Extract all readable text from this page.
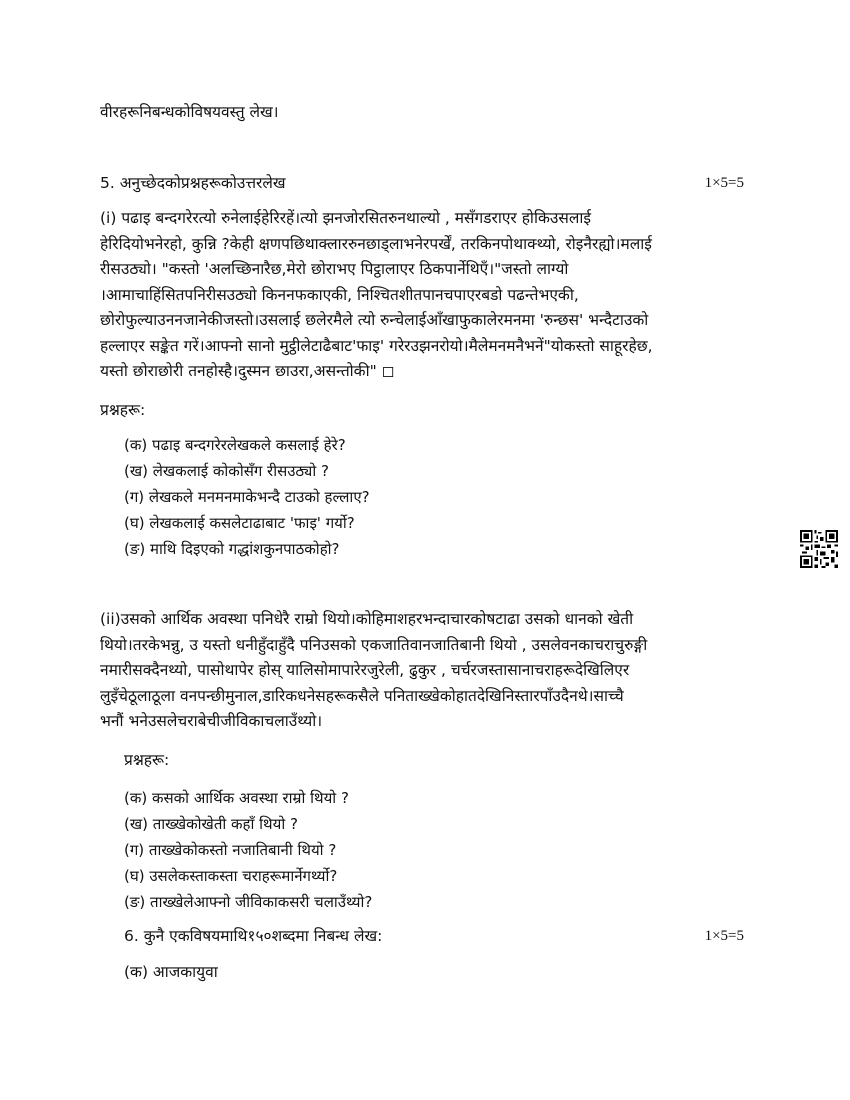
वीरहरूनिबन्धकोविषयवस्तु लेख।
5. अनुच्छेदकोप्रश्नहरूकोउत्तरलेख	1×5=5
(i) पढाइ बन्दगरेरत्यो रुनेलाईहेरिरहें।त्यो झनजोरसितरुनथाल्यो , मसँगडराएर होकिउसलाई
हेरिदियोभनेरहो, कुन्नि ?केही क्षणपछिथाक्लाररुनछाड्लाभनेरपर्खें, तरकिनपोथाक्थ्यो, रोइनैरह्यो।मलाई
रीसउठ्यो। "कस्तो 'अलच्छिनारैछ,मेरो छोराभए पिट्ठालाएर ठिकपार्नेथिएँ।"जस्तो लाग्यो
।आमाचाहिंसितपनिरीसउठ्यो किननफकाएकी, निश्चितशीतपानचपाएरबडो पढन्तेभएकी,
छोरोफुल्याउननजानेकीजस्तो।उसलाई छलेरमैले त्यो रुन्चेलाईआँखाफुकालेरमनमा 'रुन्छस' भन्दैटाउको
हल्लाएर सङ्केत गरें।आफ्नो सानो मुट्ठीलेटाढैबाट'फाइ' गरेरउझनरोयो।मैलेमनमनैभनें"योकस्तो साहूरहेछ,
यस्तो छोराछोरी तनहोस्है।दुस्मन छाउरा,असन्तोकी" ◻
प्रश्नहरू:
(क) पढाइ बन्दगरेरलेखकले कसलाई हेरे?
(ख) लेखकलाई कोकोसँग रीसउठ्यो ?
(ग) लेखकले मनमनमाकेभन्दै टाउको हल्लाए?
(घ) लेखकलाई कसलेटाढाबाट 'फाइ' गर्यो?
(ङ) माथि दिइएको गद्धांशकुनपाठकोहो?
(ii)उसको आर्थिक अवस्था पनिधेरै राम्रो थियो।कोहिमाशहरभन्दाचारकोषटाढा उसको धानको खेती
थियो।तरकेभन्नु, उ यस्तो धनीहुँदाहुँदै पनिउसको एकजातिवानजातिबानी थियो , उसलेवनकाचराचुरुङ्गी
नमारीसक्दैनथ्यो, पासोथापेर होस् यालिसोमापारेरजुरेली, ढुकुर , चर्चरजस्तासानाचराहरूदेखिलिएर
लुइँचेठूलाठूला वनपन्छीमुनाल,डारिकधनेसहरूकसैले पनिताख्खेकोहातदेखिनिस्तारपाँउदैनथे।साच्चै
भनौं भनेउसलेचराबेचीजीविकाचलाउँथ्यो।
प्रश्नहरू:
(क) कसको आर्थिक अवस्था राम्रो थियो ?
(ख) ताख्खेकोखेती कहाँ थियो ?
(ग) ताख्खेकोकस्तो नजातिबानी थियो ?
(घ) उसलेकस्ताकस्ता चराहरूमार्नेगर्थ्यो?
(ङ) ताख्खेलेआफ्नो जीविकाकसरी चलाउँथ्यो?
6. कुनै एकविषयमाथि१५०शब्दमा निबन्ध लेख:	1×5=5
(क) आजकायुवा
